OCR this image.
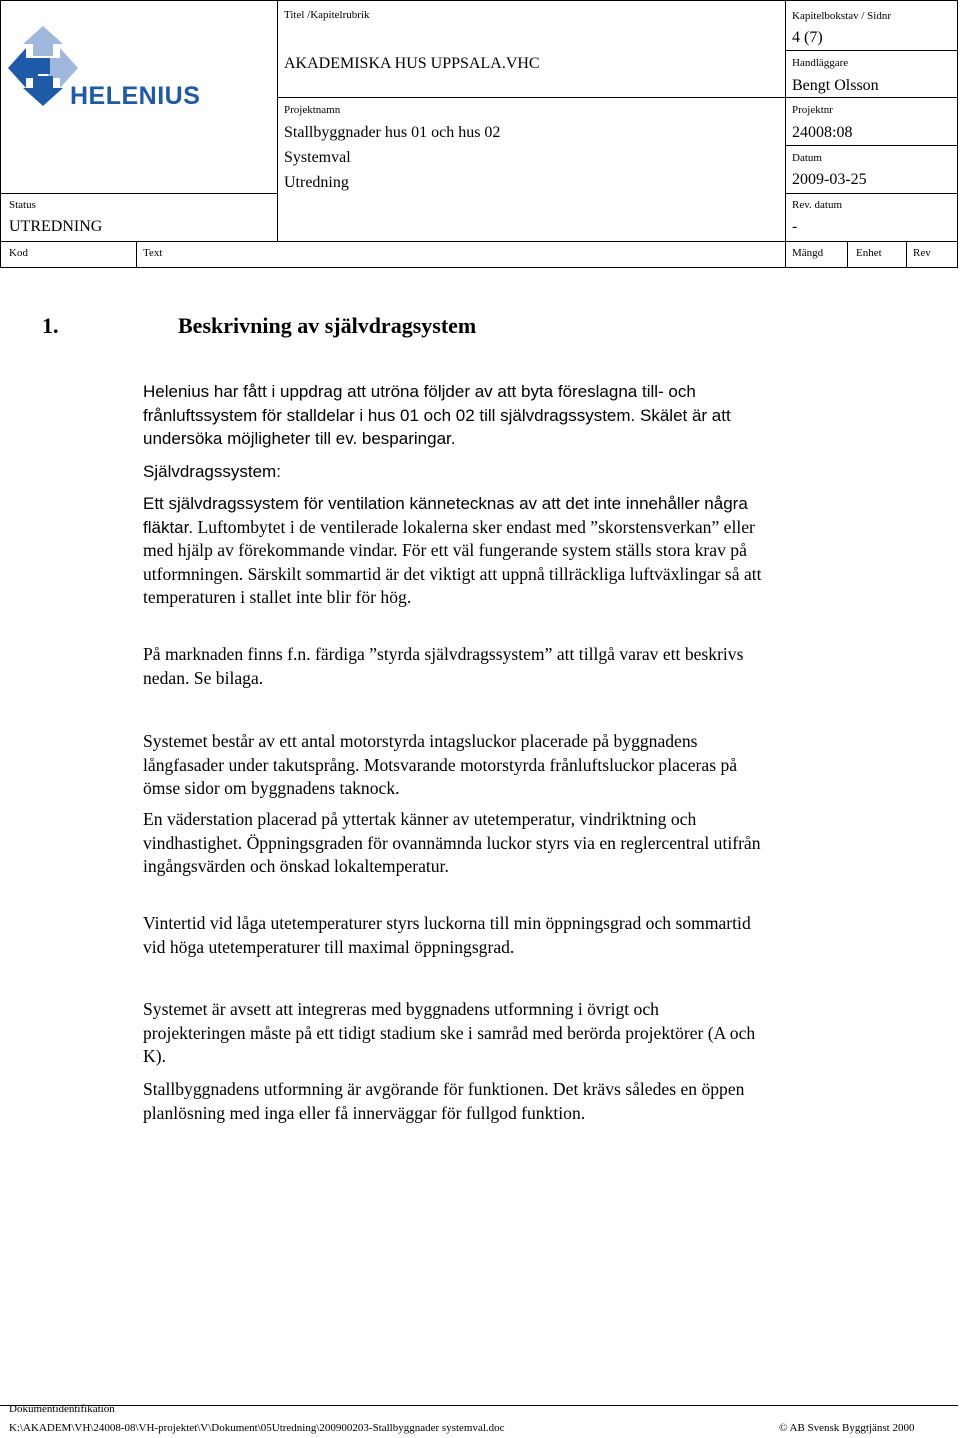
HELENIUS
Titel /Kapitelrubrik
AKADEMISKA HUS UPPSALA.VHC
Projektnamn
Stallbyggnader hus 01 och hus 02
Systemval
Utredning
Kapitelbokstav / Sidnr
4 (7)
Handläggare
Bengt Olsson
Projektnr
24008:08
Datum
2009-03-25
Rev. datum
-
Status
UTREDNING
Kod	Text	Mängd	Enhet	Rev
1.	Beskrivning av självdragsystem

Helenius har fått i uppdrag att utröna följder av att byta föreslagna till- och frånluftssystem för stalldelar i hus 01 och 02 till självdragssystem. Skälet är att undersöka möjligheter till ev. besparingar.

Självdragssystem:

Ett självdragssystem för ventilation kännetecknas av att det inte innehåller några fläktar. Luftombytet i de ventilerade lokalerna sker endast med ”skorstensverkan” eller med hjälp av förekommande vindar. För ett väl fungerande system ställs stora krav på utformningen. Särskilt sommartid är det viktigt att uppnå tillräckliga luftväxlingar så att temperaturen i stallet inte blir för hög.

På marknaden finns f.n. färdiga ”styrda självdragssystem” att tillgå varav ett beskrivs nedan. Se bilaga.
Systemet består av ett antal motorstyrda intagsluckor placerade på byggnadens långfasader under takutsprång. Motsvarande motorstyrda frånluftsluckor placeras på ömse sidor om byggnadens taknock.
En väderstation placerad på yttertak känner av utetemperatur, vindriktning och vindhastighet. Öppningsgraden för ovannämnda luckor styrs via en reglercentral utifrån ingångsvärden och önskad lokaltemperatur.
Vintertid vid låga utetemperaturer styrs luckorna till min öppningsgrad och sommartid vid höga utetemperaturer till maximal öppningsgrad.
Systemet är avsett att integreras med byggnadens utformning i övrigt och projekteringen måste på ett tidigt stadium ske i samråd med berörda projektörer (A och K).
Stallbyggnadens utformning är avgörande för funktionen. Det krävs således en öppen planlösning med inga eller få innerväggar för fullgod funktion.
Dokumentidentifikation
K:\AKADEM\VH\24008-08\VH-projektet\V\Dokument\05Utredning\200900203-Stallbyggnader systemval.doc	© AB Svensk Byggtjänst 2000
